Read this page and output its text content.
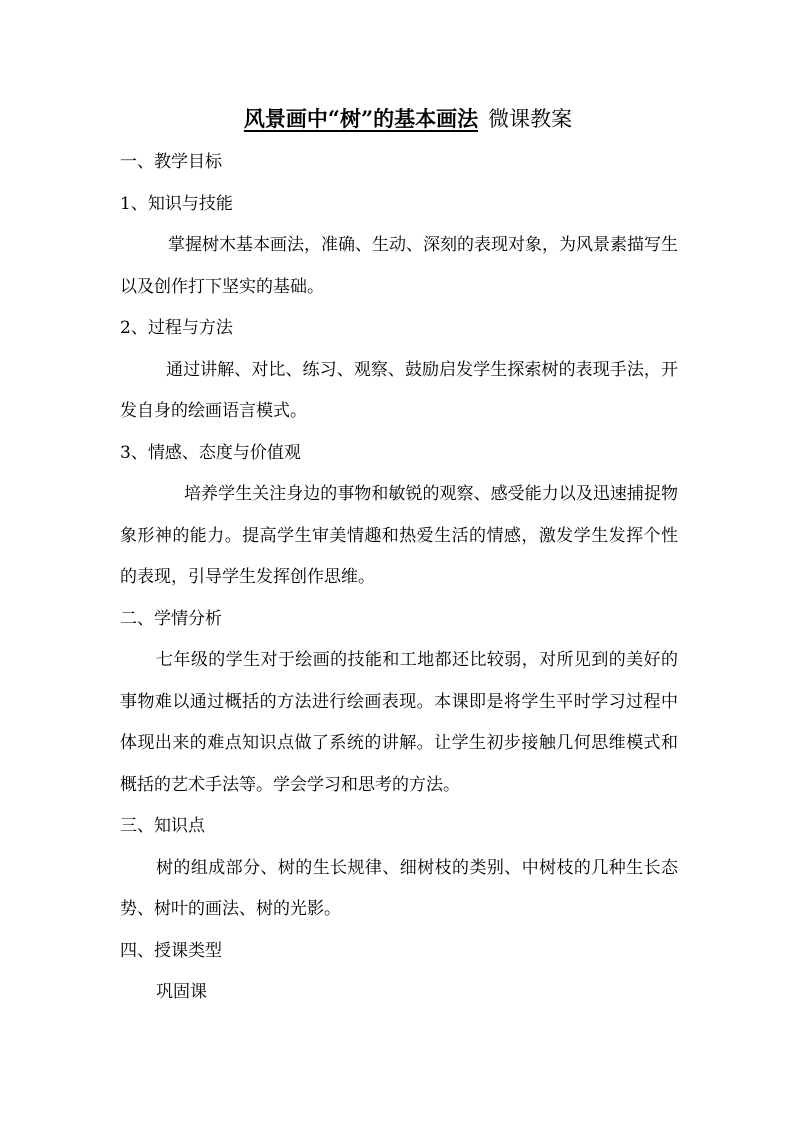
风景画中“树”的基本画法 微课教案

一、教学目标

1、知识与技能

掌握树木基本画法，准确、生动、深刻的表现对象，为风景素描写生以及创作打下坚实的基础。

2、过程与方法

通过讲解、对比、练习、观察、鼓励启发学生探索树的表现手法，开发自身的绘画语言模式。

3、情感、态度与价值观

培养学生关注身边的事物和敏锐的观察、感受能力以及迅速捕捉物象形神的能力。提高学生审美情趣和热爱生活的情感，激发学生发挥个性的表现，引导学生发挥创作思维。

二、学情分析

七年级的学生对于绘画的技能和工地都还比较弱，对所见到的美好的事物难以通过概括的方法进行绘画表现。本课即是将学生平时学习过程中体现出来的难点知识点做了系统的讲解。让学生初步接触几何思维模式和概括的艺术手法等。学会学习和思考的方法。

三、知识点

树的组成部分、树的生长规律、细树枝的类别、中树枝的几种生长态势、树叶的画法、树的光影。

四、授课类型

巩固课
